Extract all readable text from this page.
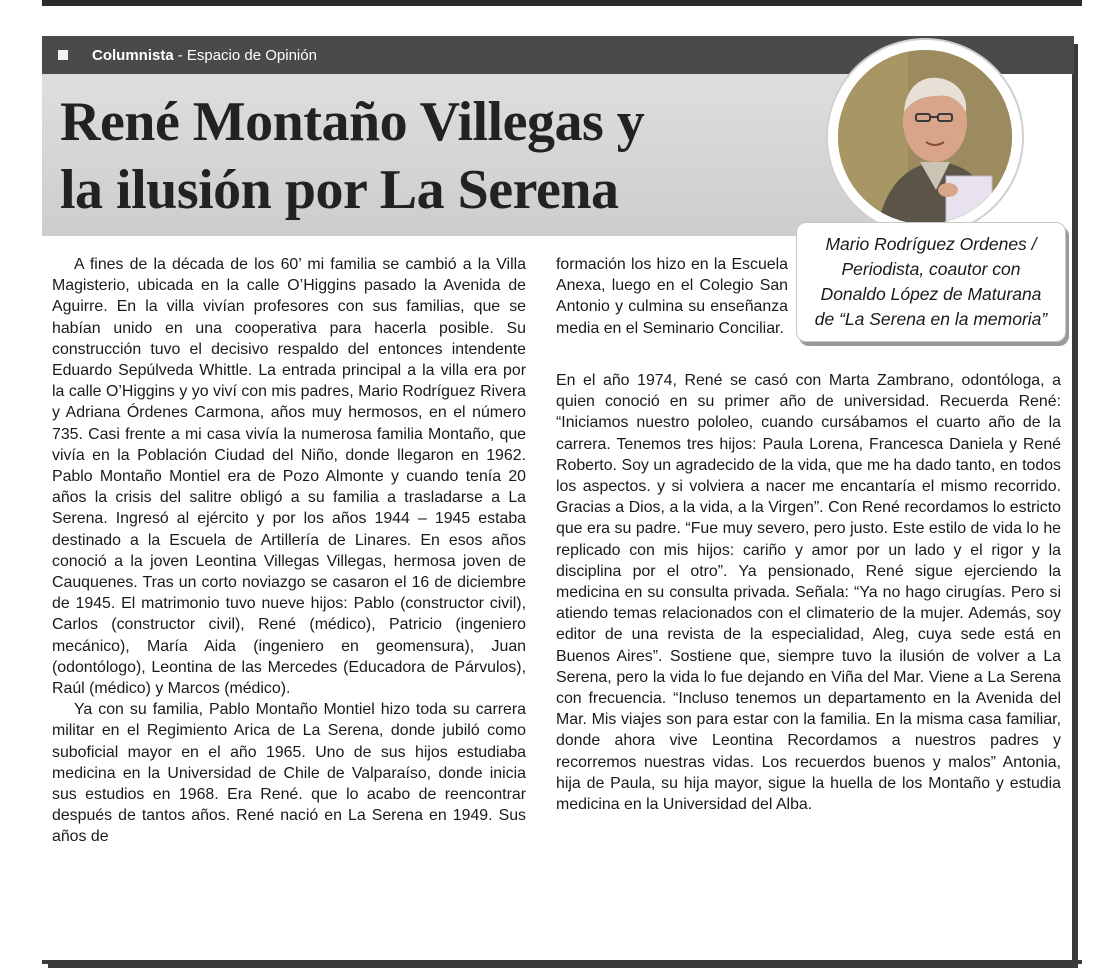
Columnista - Espacio de Opinión
René Montaño Villegas y
la ilusión por La Serena
Mario Rodríguez Ordenes /
Periodista, coautor con
Donaldo López de Maturana
de “La Serena en la memoria”

A fines de la década de los 60’ mi familia se cambió a la Villa Magisterio, ubicada en la calle O’Higgins pasado la Avenida de Aguirre. En la villa vivían profesores con sus familias, que se habían unido en una cooperativa para hacerla posible. Su construcción tuvo el decisivo respaldo del entonces intendente Eduardo Sepúlveda Whittle. La entrada principal a la villa era por la calle O’Higgins y yo viví con mis padres, Mario Rodríguez Rivera y Adriana Órdenes Carmona, años muy hermosos, en el número 735. Casi frente a mi casa vivía la numerosa familia Montaño, que vivía en la Población Ciudad del Niño, donde llegaron en 1962. Pablo Montaño Montiel era de Pozo Almonte y cuando tenía 20 años la crisis del salitre obligó a su familia a trasladarse a La Serena. Ingresó al ejército y por los años 1944 – 1945 estaba destinado a la Escuela de Artillería de Linares. En esos años conoció a la joven Leontina Villegas Villegas, hermosa joven de Cauquenes. Tras un corto noviazgo se casaron el 16 de diciembre de 1945. El matrimonio tuvo nueve hijos: Pablo (constructor civil), Carlos (constructor civil), René (médico), Patricio (ingeniero mecánico), María Aida (ingeniero en geomensura), Juan (odontólogo), Leontina de las Mercedes (Educadora de Párvulos), Raúl (médico) y Marcos (médico).

Ya con su familia, Pablo Montaño Montiel hizo toda su carrera militar en el Regimiento Arica de La Serena, donde jubiló como suboficial mayor en el año 1965. Uno de sus hijos estudiaba medicina en la Universidad de Chile de Valparaíso, donde inicia sus estudios en 1968. Era René. que lo acabo de reencontrar después de tantos años. René nació en La Serena en 1949. Sus años de

formación los hizo en la Escuela Anexa, luego en el Colegio San Antonio y culmina su enseñanza media en el Seminario Conciliar.

En el año 1974, René se casó con Marta Zambrano, odontóloga, a quien conoció en su primer año de universidad. Recuerda René: “Iniciamos nuestro pololeo, cuando cursábamos el cuarto año de la carrera. Tenemos tres hijos: Paula Lorena, Francesca Daniela y René Roberto. Soy un agradecido de la vida, que me ha dado tanto, en todos los aspectos. y si volviera a nacer me encantaría el mismo recorrido. Gracias a Dios, a la vida, a la Virgen”. Con René recordamos lo estricto que era su padre. “Fue muy severo, pero justo. Este estilo de vida lo he replicado con mis hijos: cariño y amor por un lado y el rigor y la disciplina por el otro”. Ya pensionado, René sigue ejerciendo la medicina en su consulta privada. Señala: “Ya no hago cirugías. Pero si atiendo temas relacionados con el climaterio de la mujer. Además, soy editor de una revista de la especialidad, Aleg, cuya sede está en Buenos Aires”. Sostiene que, siempre tuvo la ilusión de volver a La Serena, pero la vida lo fue dejando en Viña del Mar. Viene a La Serena con frecuencia. “Incluso tenemos un departamento en la Avenida del Mar. Mis viajes son para estar con la familia. En la misma casa familiar, donde ahora vive Leontina Recordamos a nuestros padres y recorremos nuestras vidas. Los recuerdos buenos y malos” Antonia, hija de Paula, su hija mayor, sigue la huella de los Montaño y estudia medicina en la Universidad del Alba.
